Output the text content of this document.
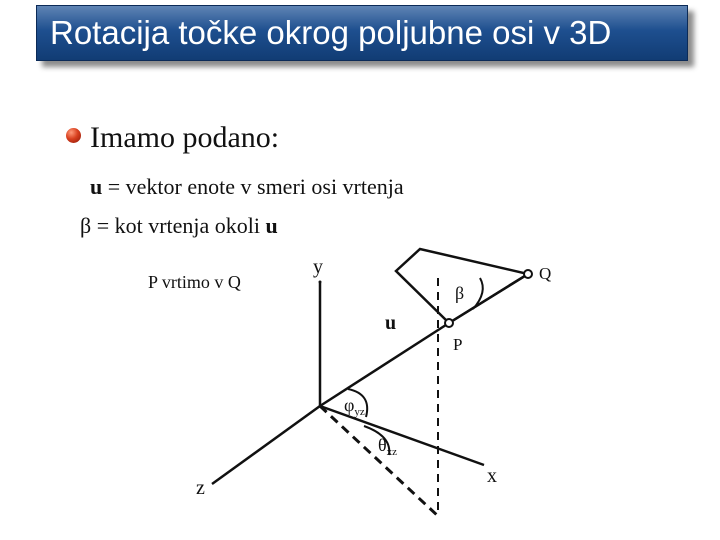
Rotacija točke okrog poljubne osi v 3D
Imamo podano:
u = vektor enote v smeri osi vrtenja
β = kot vrtenja okoli u
P vrtimo v Q
y	Q
β
u
P
$\varphi_{yz}$
$\theta_{xz}$
z
x
